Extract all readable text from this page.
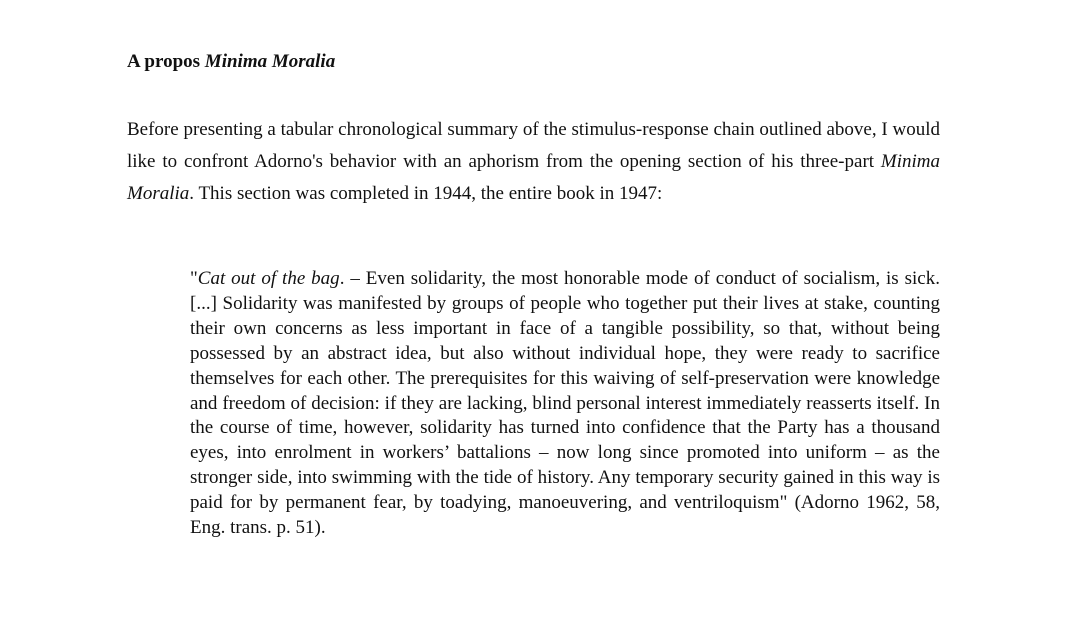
A propos Minima Moralia

Before presenting a tabular chronological summary of the stimulus-response chain outlined above, I would like to confront Adorno's behavior with an aphorism from the opening section of his three-part Minima Moralia. This section was completed in 1944, the entire book in 1947:

"Cat out of the bag. – Even solidarity, the most honorable mode of conduct of socialism, is sick. [...] Solidarity was manifested by groups of people who together put their lives at stake, counting their own concerns as less important in face of a tangible possibility, so that, without being possessed by an abstract idea, but also without individual hope, they were ready to sacrifice themselves for each other. The prerequisites for this waiving of self-preservation were knowledge and freedom of decision: if they are lacking, blind personal interest immediately reasserts itself. In the course of time, however, solidarity has turned into confidence that the Party has a thousand eyes, into enrolment in workers’ battalions – now long since promoted into uniform – as the stronger side, into swimming with the tide of history. Any temporary security gained in this way is paid for by permanent fear, by toadying, manoeuvering, and ventriloquism" (Adorno 1962, 58, Eng. trans. p. 51).
